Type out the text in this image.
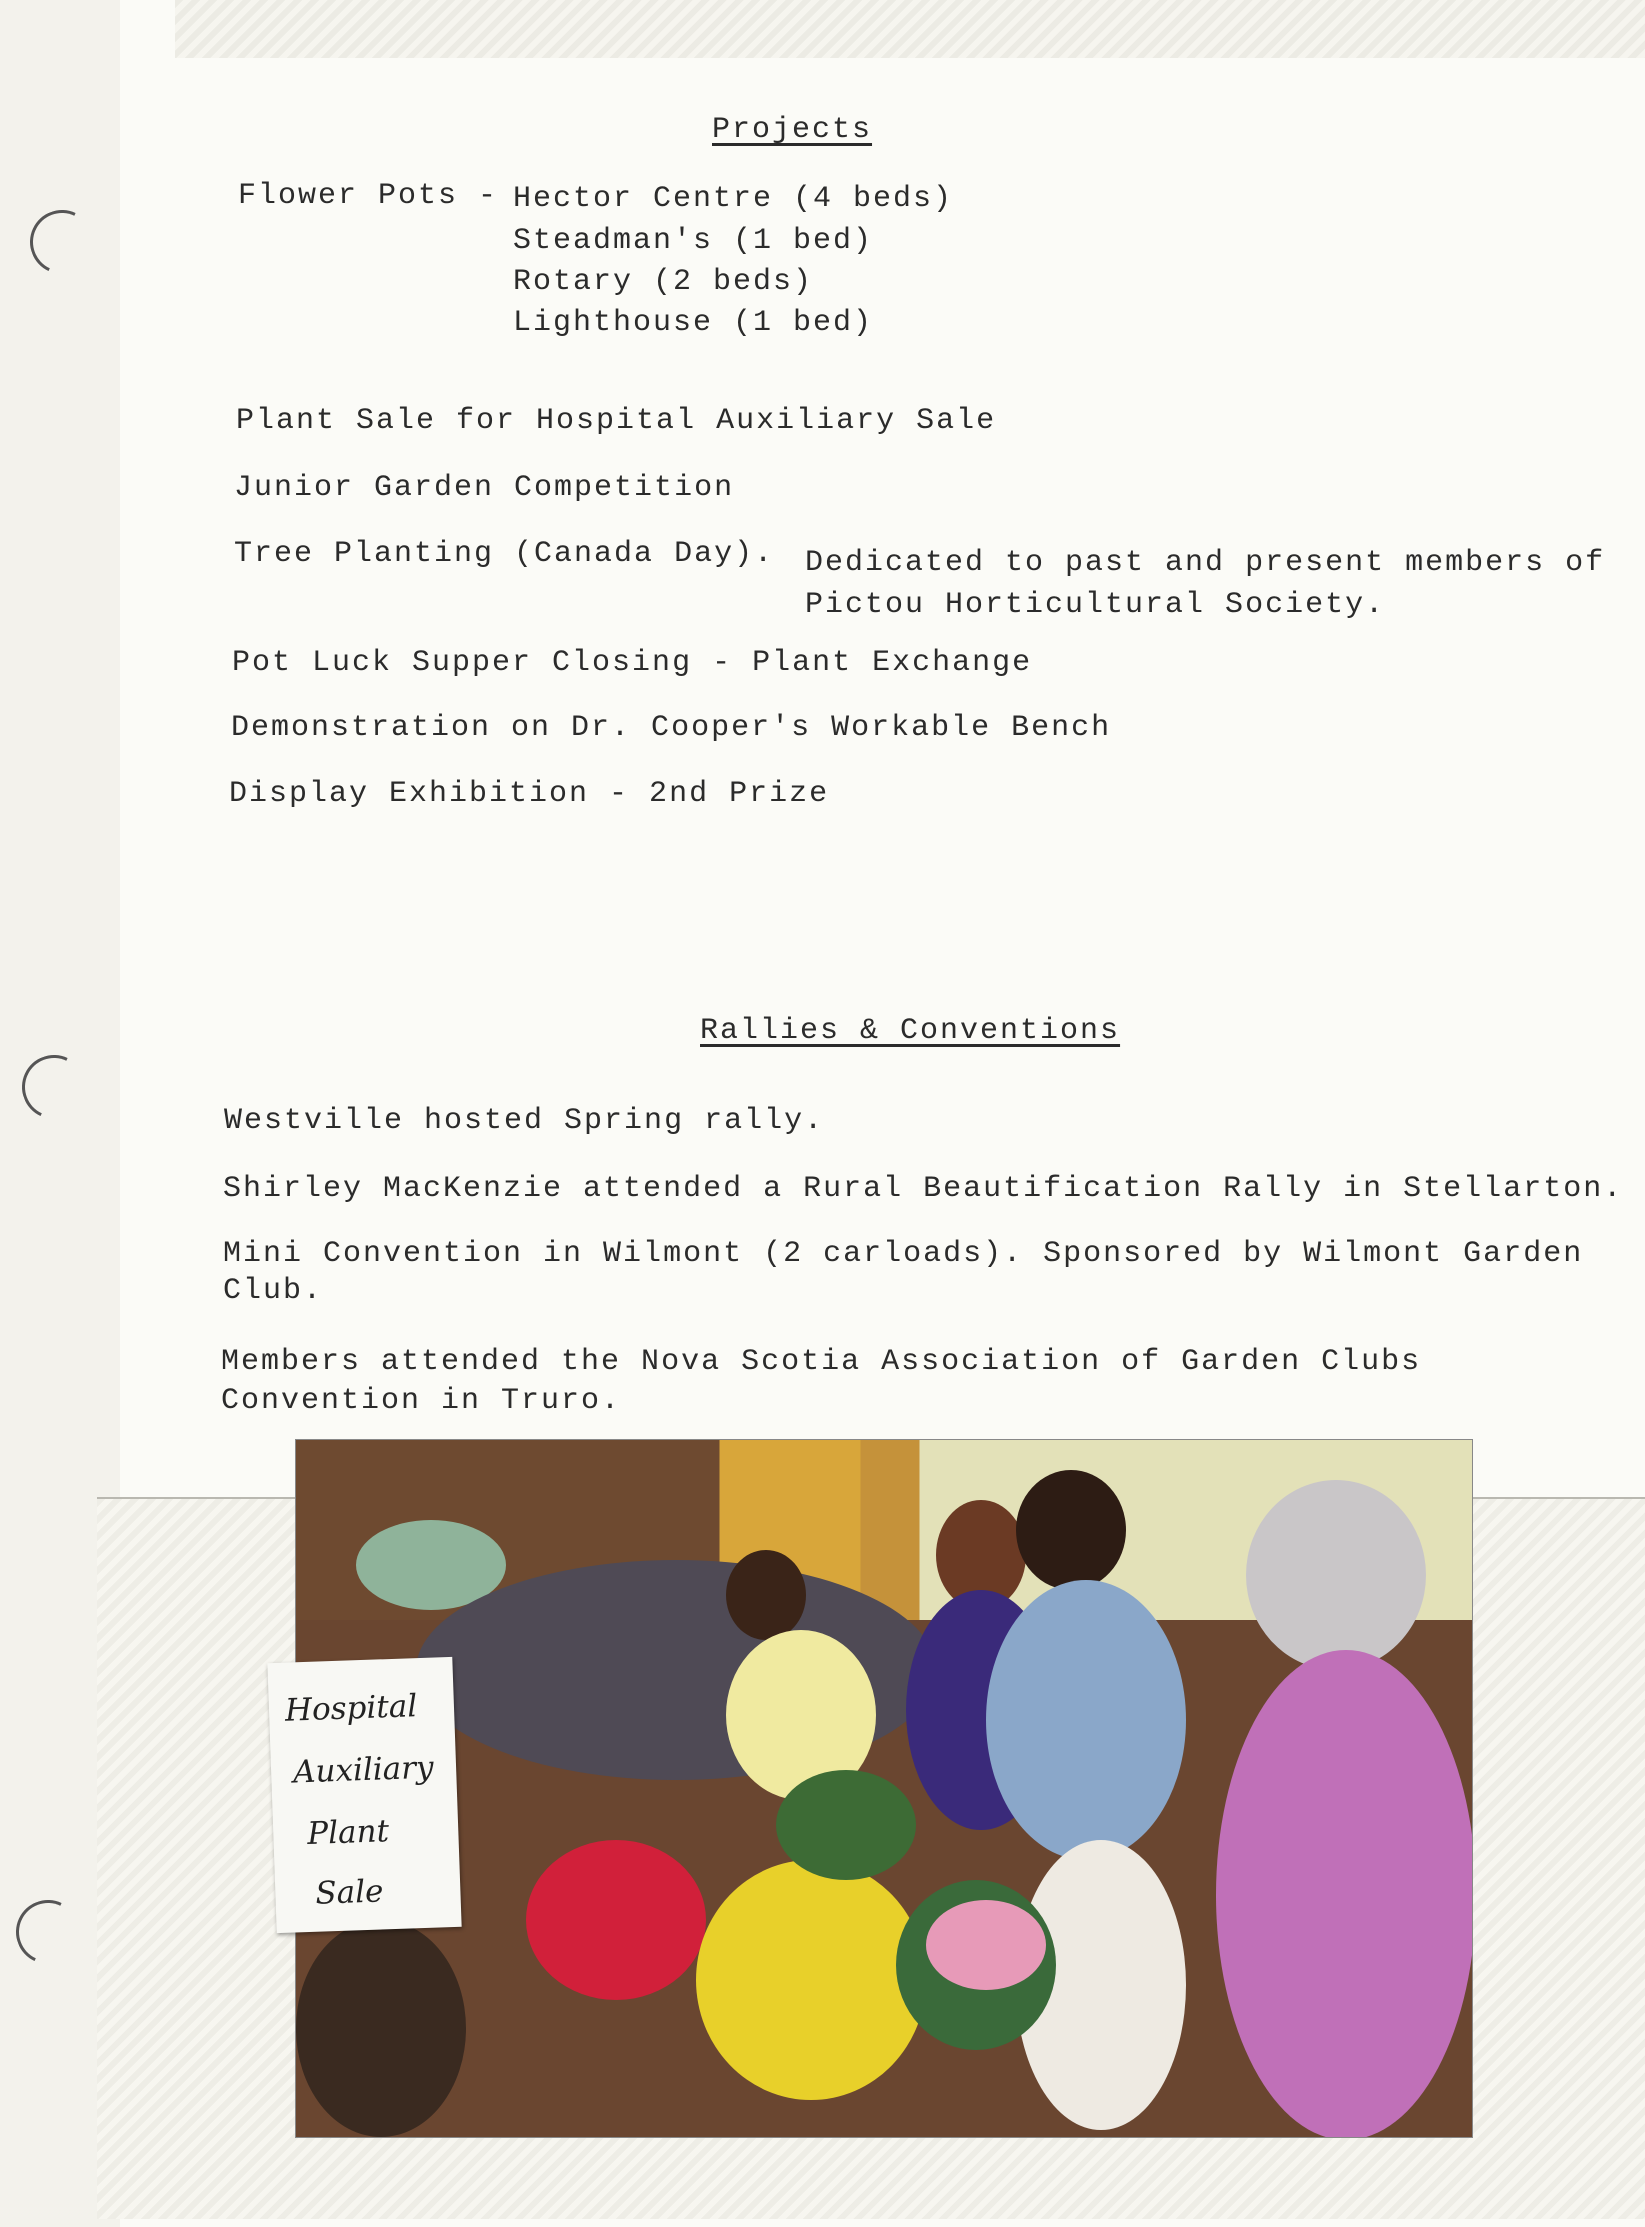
Projects

Flower Pots - Hector Centre (4 beds)

Steadman's (1 bed)

Rotary (2 beds)

Lighthouse (1 bed)

Plant Sale for Hospital Auxiliary Sale

Junior Garden Competition

Tree Planting (Canada Day). Dedicated to past and present members of

Pictou Horticultural Society.

Pot Luck Supper Closing - Plant Exchange

Demonstration on Dr. Cooper's Workable Bench

Display Exhibition - 2nd Prize

Rallies & Conventions

Westville hosted Spring rally.

Shirley MacKenzie attended a Rural Beautification Rally in Stellarton.

Mini Convention in Wilmont (2 carloads). Sponsored by Wilmont Garden

Club.

Members attended the Nova Scotia Association of Garden Clubs

Convention in Truro.

Hospital
Auxiliary
Plant
Sale
